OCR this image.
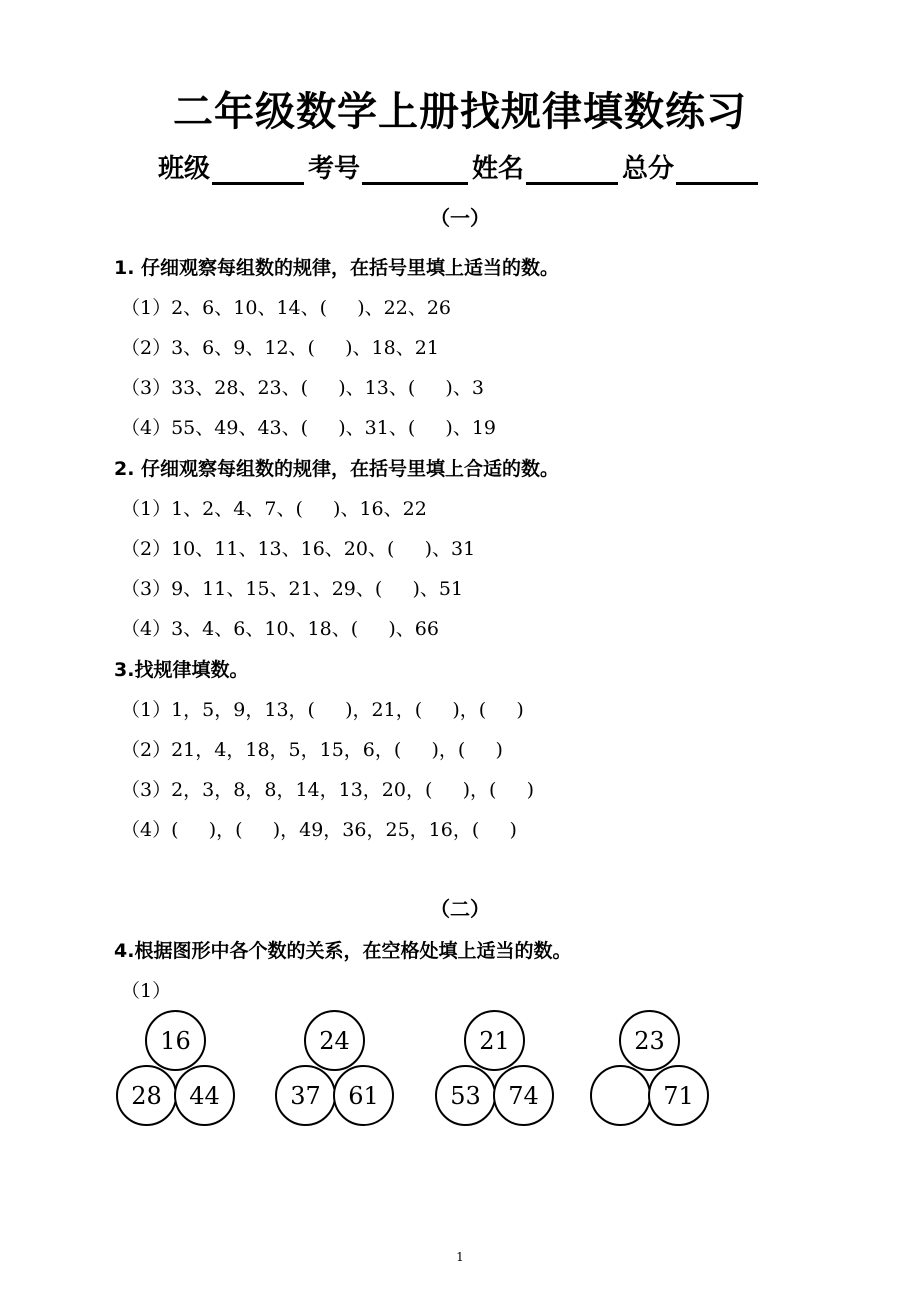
二年级数学上册找规律填数练习
班级	考号	姓名	总分
（一）
1. 仔细观察每组数的规律，在括号里填上适当的数。
（1）2、6、10、14、(     )、22、26
（2）3、6、9、12、(     )、18、21
（3）33、28、23、(     )、13、(     )、3
（4）55、49、43、(     )、31、(     )、19
2. 仔细观察每组数的规律，在括号里填上合适的数。
（1）1、2、4、7、(     )、16、22
（2）10、11、13、16、20、(     )、31
（3）9、11、15、21、29、(     )、51
（4）3、4、6、10、18、(     )、66
3.找规律填数。
（1）1，5，9，13，(     )，21，(     )，(     )
（2）21，4，18，5，15，6，(     )，(     )
（3）2，3，8，8，14，13，20，(     )，(     )
（4）(     )，(     )，49，36，25，16，(     )
（二）
4.根据图形中各个数的关系，在空格处填上适当的数。
（1）
16
28	44
24
37	61
21
53	74
23
71
1
